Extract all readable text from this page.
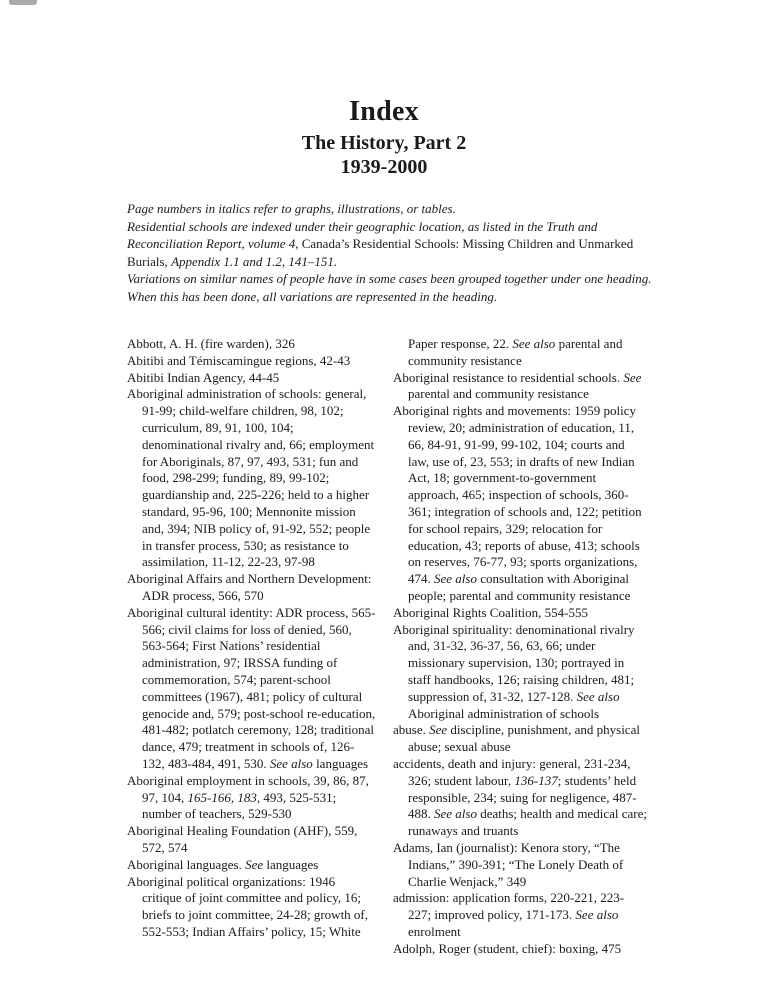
Index
The History, Part 2
1939-2000

Page numbers in italics refer to graphs, illustrations, or tables.

Residential schools are indexed under their geographic location, as listed in the Truth and Reconciliation Report, volume 4, Canada’s Residential Schools: Missing Children and Unmarked Burials, Appendix 1.1 and 1.2, 141–151.

Variations on similar names of people have in some cases been grouped together under one heading. When this has been done, all variations are represented in the heading.

Abbott, A. H. (fire warden), 326

Abitibi and Témiscamingue regions, 42-43

Abitibi Indian Agency, 44-45

Aboriginal administration of schools: general, 91-99; child-welfare children, 98, 102; curriculum, 89, 91, 100, 104; denominational rivalry and, 66; employment for Aboriginals, 87, 97, 493, 531; fun and food, 298-299; funding, 89, 99-102; guardianship and, 225-226; held to a higher standard, 95-96, 100; Mennonite mission and, 394; NIB policy of, 91-92, 552; people in transfer process, 530; as resistance to assimilation, 11-12, 22-23, 97-98

Aboriginal Affairs and Northern Development: ADR process, 566, 570

Aboriginal cultural identity: ADR process, 565-566; civil claims for loss of denied, 560, 563-564; First Nations’ residential administration, 97; IRSSA funding of commemoration, 574; parent-school committees (1967), 481; policy of cultural genocide and, 579; post-school re-education, 481-482; potlatch ceremony, 128; traditional dance, 479; treatment in schools of, 126-132, 483-484, 491, 530. See also languages

Aboriginal employment in schools, 39, 86, 87, 97, 104, 165-166, 183, 493, 525-531; number of teachers, 529-530

Aboriginal Healing Foundation (AHF), 559, 572, 574

Aboriginal languages. See languages

Aboriginal political organizations: 1946 critique of joint committee and policy, 16; briefs to joint committee, 24-28; growth of, 552-553; Indian Affairs’ policy, 15; White

Paper response, 22. See also parental and community resistance

Aboriginal resistance to residential schools. See parental and community resistance

Aboriginal rights and movements: 1959 policy review, 20; administration of education, 11, 66, 84-91, 91-99, 99-102, 104; courts and law, use of, 23, 553; in drafts of new Indian Act, 18; government-to-government approach, 465; inspection of schools, 360-361; integration of schools and, 122; petition for school repairs, 329; relocation for education, 43; reports of abuse, 413; schools on reserves, 76-77, 93; sports organizations, 474. See also consultation with Aboriginal people; parental and community resistance

Aboriginal Rights Coalition, 554-555

Aboriginal spirituality: denominational rivalry and, 31-32, 36-37, 56, 63, 66; under missionary supervision, 130; portrayed in staff handbooks, 126; raising children, 481; suppression of, 31-32, 127-128. See also Aboriginal administration of schools

abuse. See discipline, punishment, and physical abuse; sexual abuse

accidents, death and injury: general, 231-234, 326; student labour, 136-137; students’ held responsible, 234; suing for negligence, 487-488. See also deaths; health and medical care; runaways and truants

Adams, Ian (journalist): Kenora story, “The Indians,” 390-391; “The Lonely Death of Charlie Wenjack,” 349

admission: application forms, 220-221, 223-227; improved policy, 171-173. See also enrolment

Adolph, Roger (student, chief): boxing, 475
